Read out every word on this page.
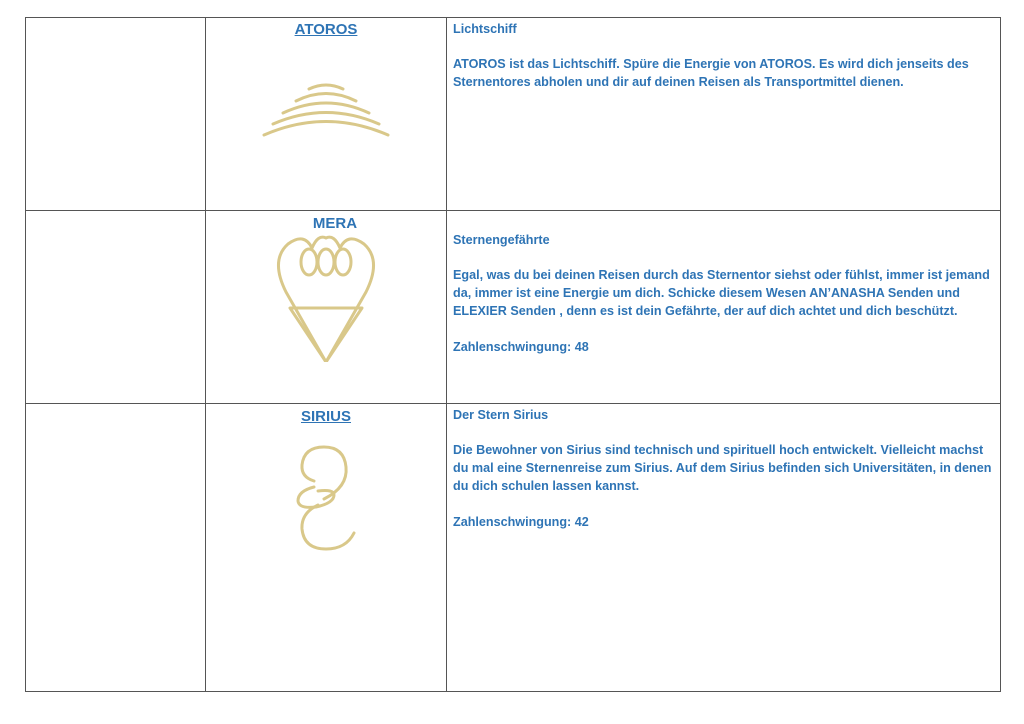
	ATOROS	Lichtschiff

ATOROS ist das Lichtschiff. Spüre die Energie von ATOROS. Es wird dich jenseits des Sternentores abholen und dir auf deinen Reisen als Transportmittel dienen.

	MERA	Sternengefährte

Egal, was du bei deinen Reisen durch das Sternentor siehst oder fühlst, immer ist jemand da, immer ist eine Energie um dich. Schicke diesem Wesen AN’ANASHA Senden und ELEXIER Senden , denn es ist dein Gefährte, der auf dich achtet und dich beschützt.

Zahlenschwingung: 48

	SIRIUS	Der Stern Sirius

Die Bewohner von Sirius sind technisch und spirituell hoch entwickelt. Vielleicht machst du mal eine Sternenreise zum Sirius. Auf dem Sirius befinden sich Universitäten, in denen du dich schulen lassen kannst.

Zahlenschwingung: 42
